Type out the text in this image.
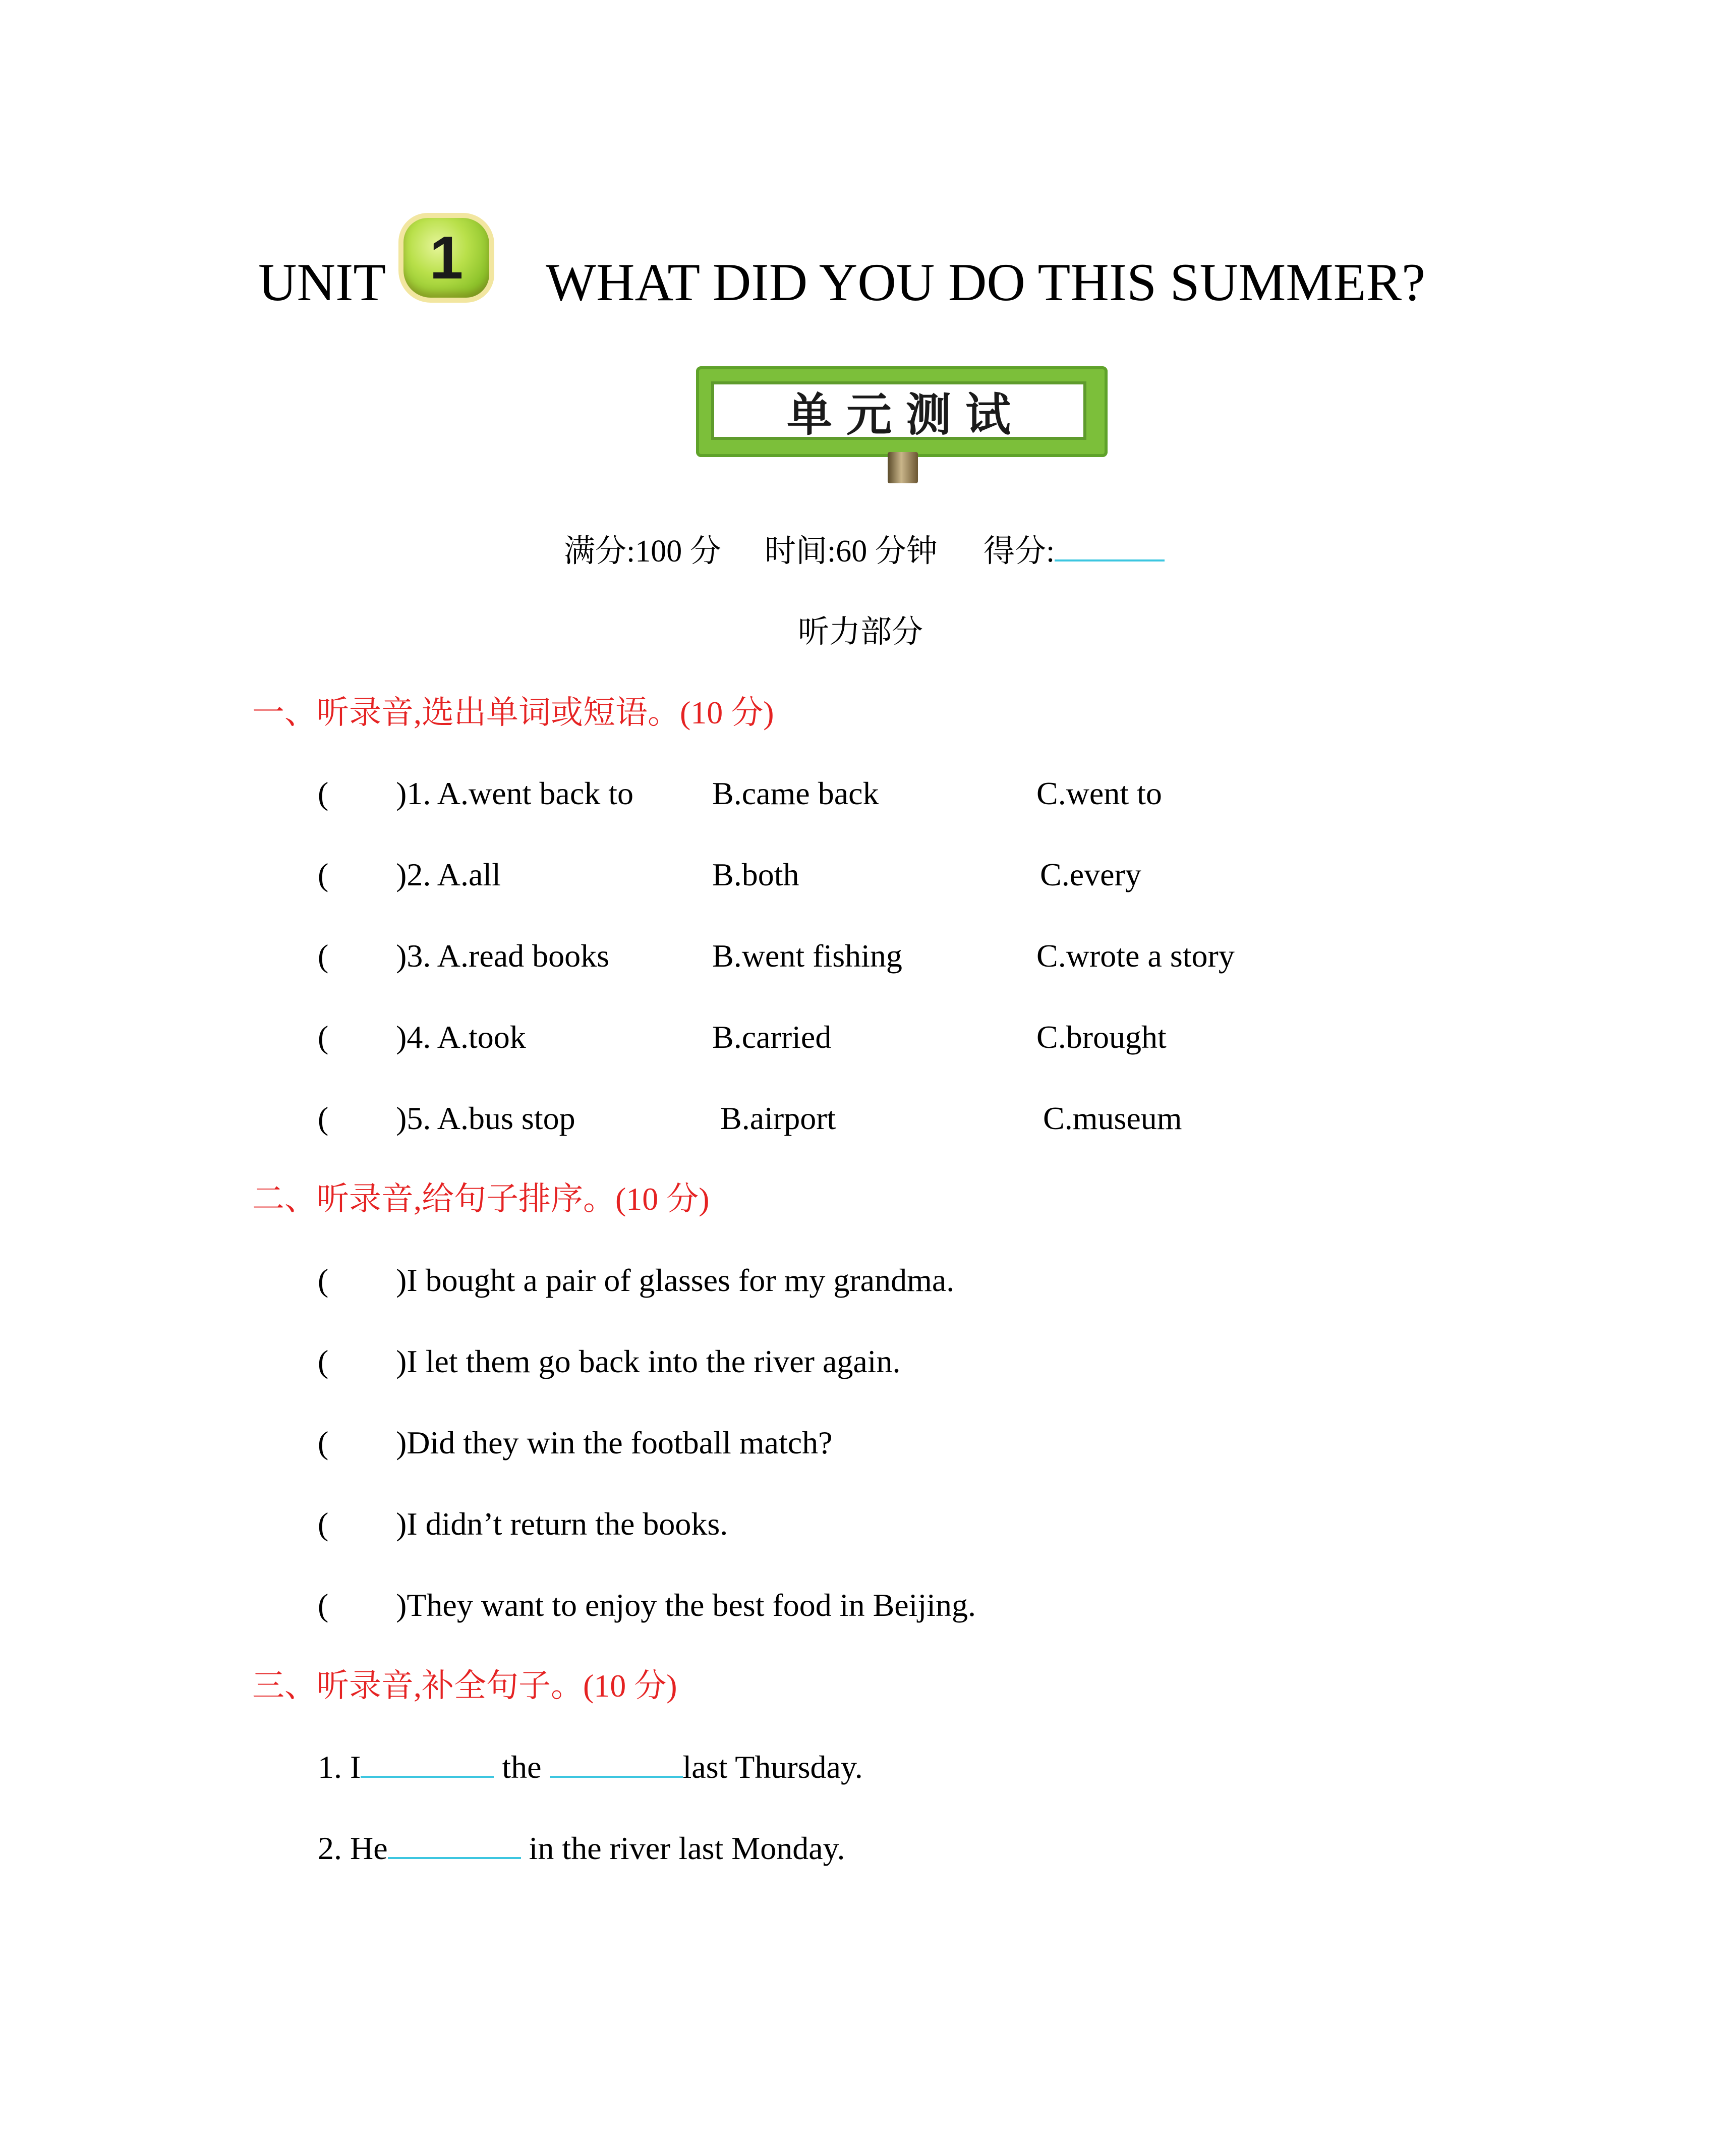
UNIT 1 WHAT DID YOU DO THIS SUMMER?
单元测试
满分:100 分 时间:60 分钟 得分:
听力部分
一、听录音,选出单词或短语。(10 分)
( )1. A.went back to B.came back	C.went to
( )2. A.all	B.both	C.every
( )3. A.read books	B.went fishing	C.wrote a story
( )4. A.took	B.carried	C.brought
( )5. A.bus stop	B.airport	C.museum
二、听录音,给句子排序。(10 分)
( )I bought a pair of glasses for my grandma.
( )I let them go back into the river again.
( )Did they win the football match?
( )I didn’t return the books.
( )They want to enjoy the best food in Beijing.
三、听录音,补全句子。(10 分)
1. I	the	last Thursday.
2. He	in the river last Monday.
